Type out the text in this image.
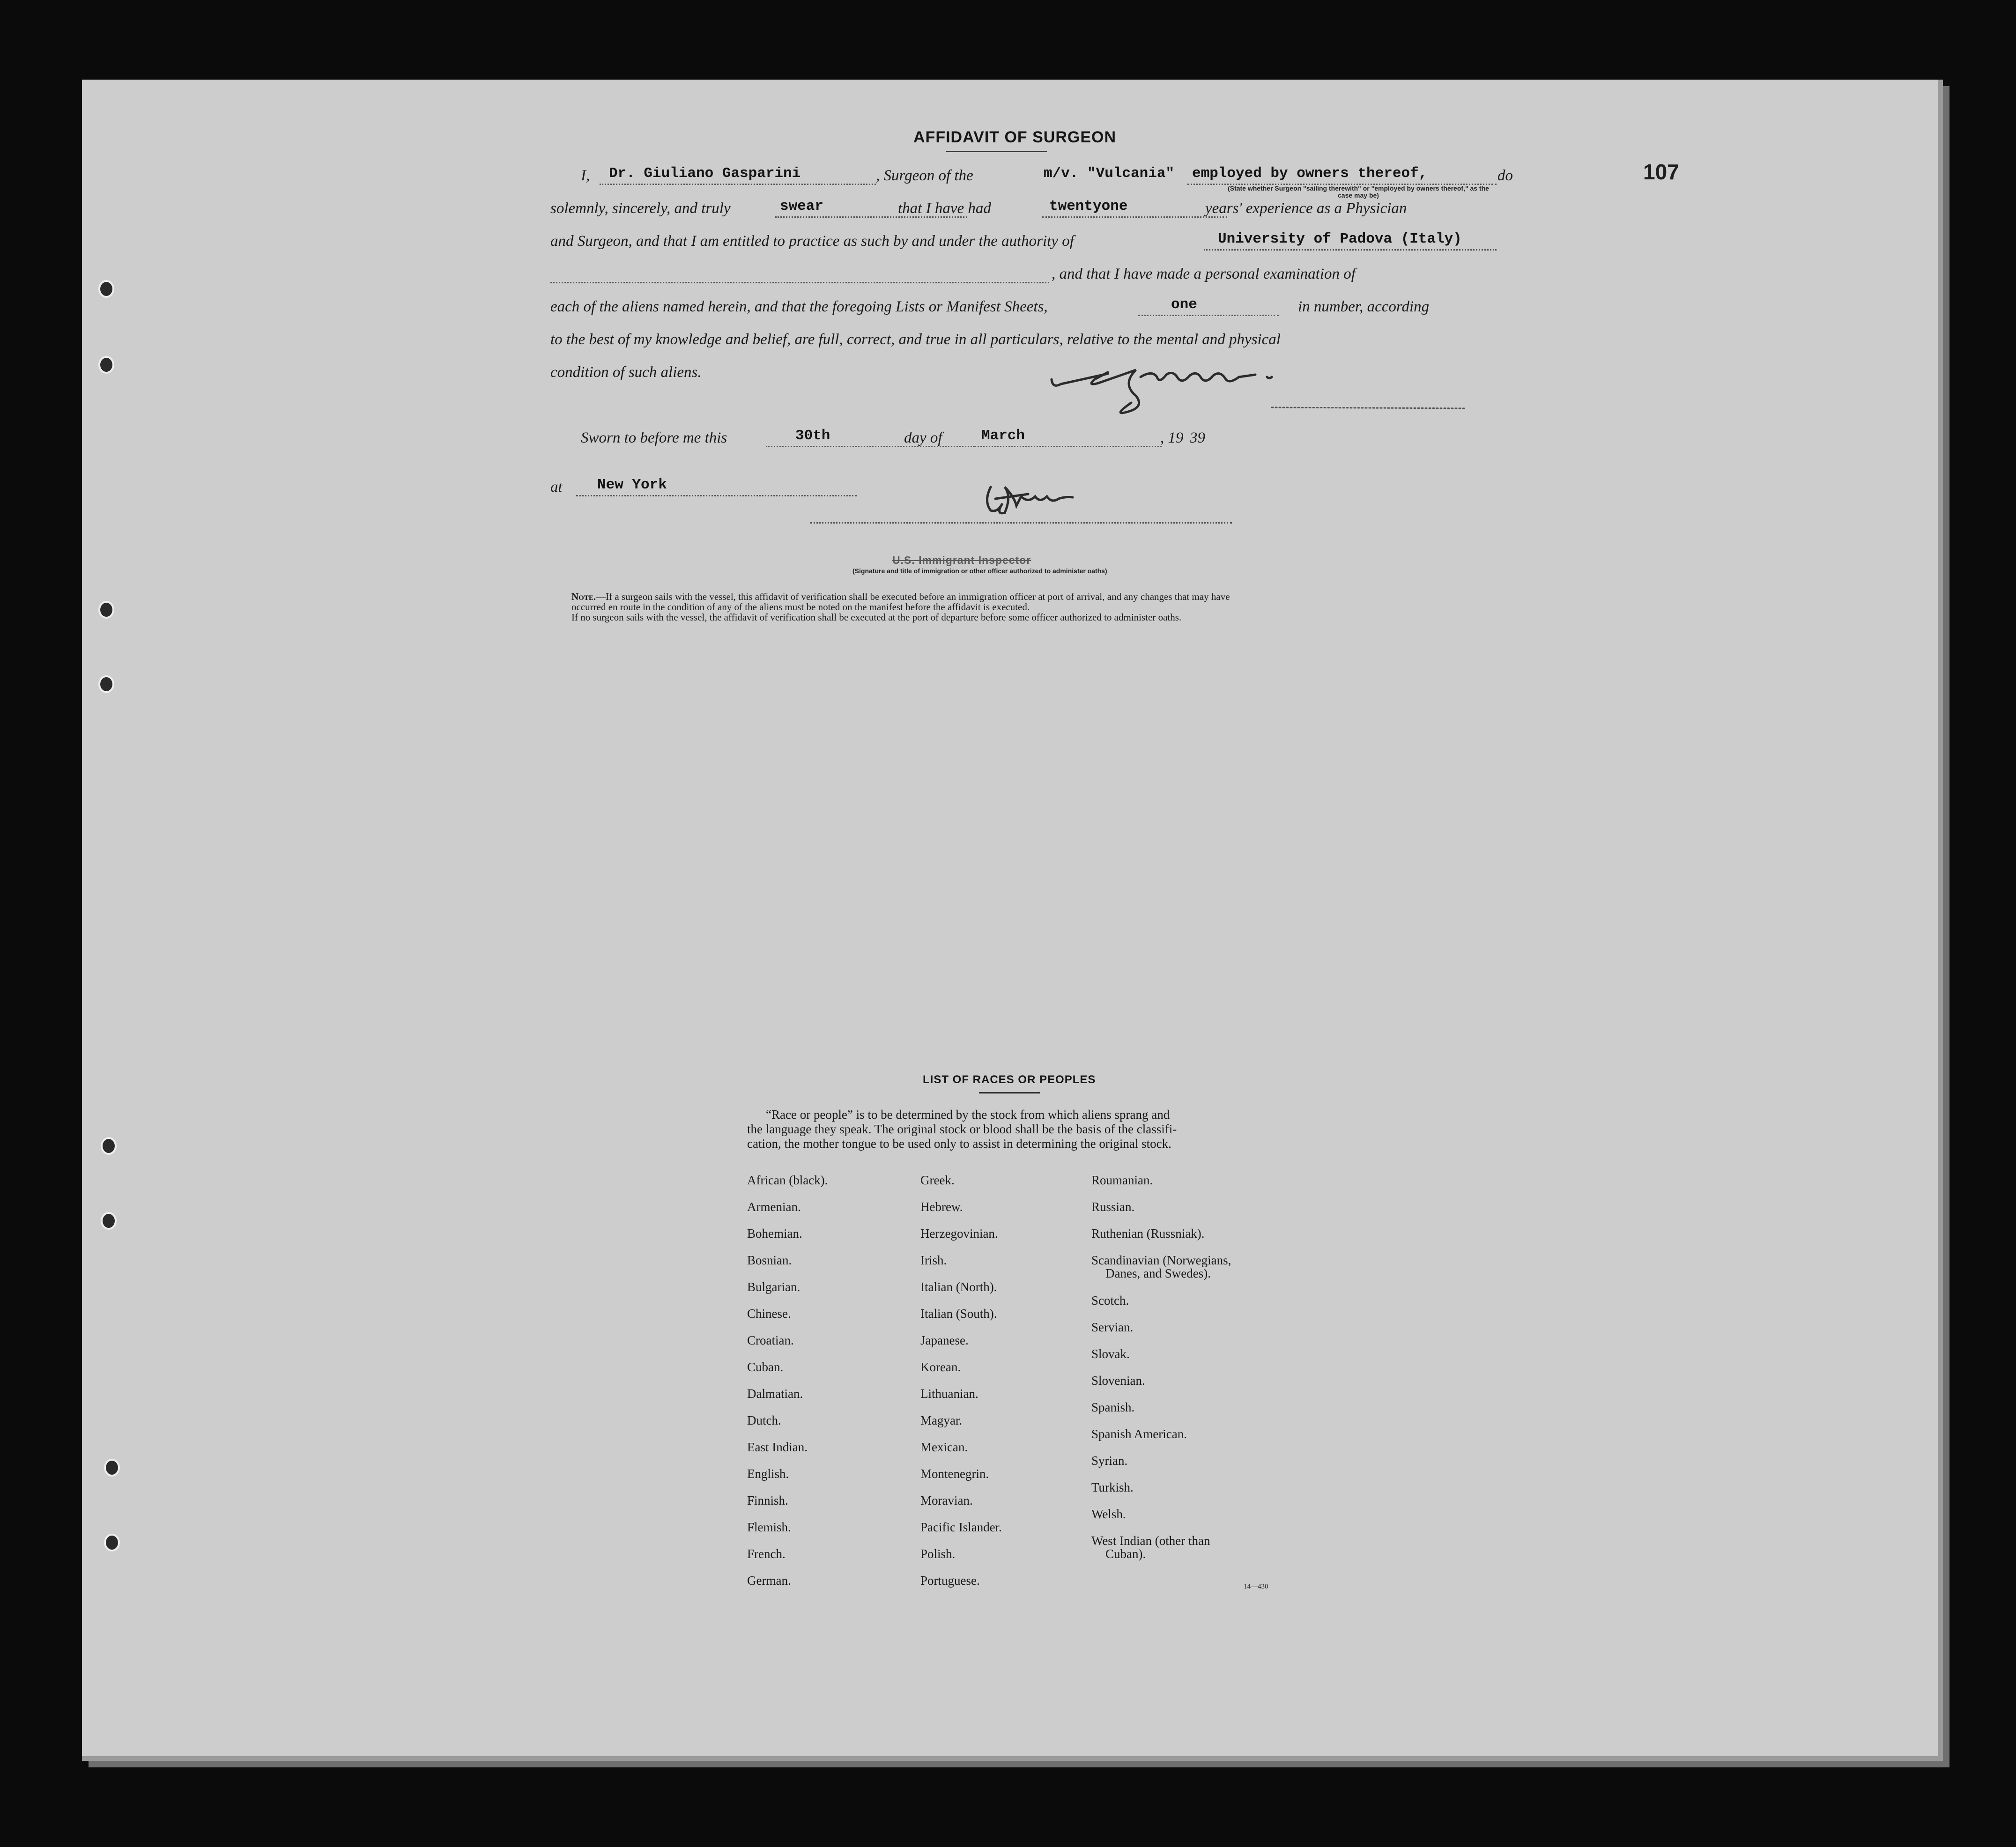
107
AFFIDAVIT OF SURGEON
I, Dr. Giuliano Gasparini	, Surgeon of the	m/v. "Vulcania" employed by owners thereof,	do
(State whether Surgeon "sailing therewith" or "employed by owners thereof," as the case may be)
solemnly, sincerely, and truly	swear	that I have had	twentyone	years' experience as a Physician
and Surgeon, and that I am entitled to practice as such by and under the authority of	University of Padova (Italy)
, and that I have made a personal examination of
each of the aliens named herein, and that the foregoing Lists or Manifest Sheets,	one	in number, according
to the best of my knowledge and belief, are full, correct, and true in all particulars, relative to the mental and physical
condition of such aliens.
Sworn to before me this	30th	day of	March	, 19 39
at New York
U.S. Immigrant Inspector
(Signature and title of immigration or other officer authorized to administer oaths)
Note.—If a surgeon sails with the vessel, this affidavit of verification shall be executed before an immigration officer at port of arrival, and any changes that may have
occurred en route in the condition of any of the aliens must be noted on the manifest before the affidavit is executed.
If no surgeon sails with the vessel, the affidavit of verification shall be executed at the port of departure before some officer authorized to administer oaths.
LIST OF RACES OR PEOPLES
“Race or people” is to be determined by the stock from which aliens sprang and
the language they speak. The original stock or blood shall be the basis of the classifi-
cation, the mother tongue to be used only to assist in determining the original stock.
African (black).
Armenian.
Bohemian.
Bosnian.
Bulgarian.
Chinese.
Croatian.
Cuban.
Dalmatian.
Dutch.
East Indian.
English.
Finnish.
Flemish.
French.
German.
Greek.
Hebrew.
Herzegovinian.
Irish.
Italian (North).
Italian (South).
Japanese.
Korean.
Lithuanian.
Magyar.
Mexican.
Montenegrin.
Moravian.
Pacific Islander.
Polish.
Portuguese.
Roumanian.
Russian.
Ruthenian (Russniak).
Scandinavian (Norwegians,
Danes, and Swedes).
Scotch.
Servian.
Slovak.
Slovenian.
Spanish.
Spanish American.
Syrian.
Turkish.
Welsh.
West Indian (other than
Cuban).
14—430
